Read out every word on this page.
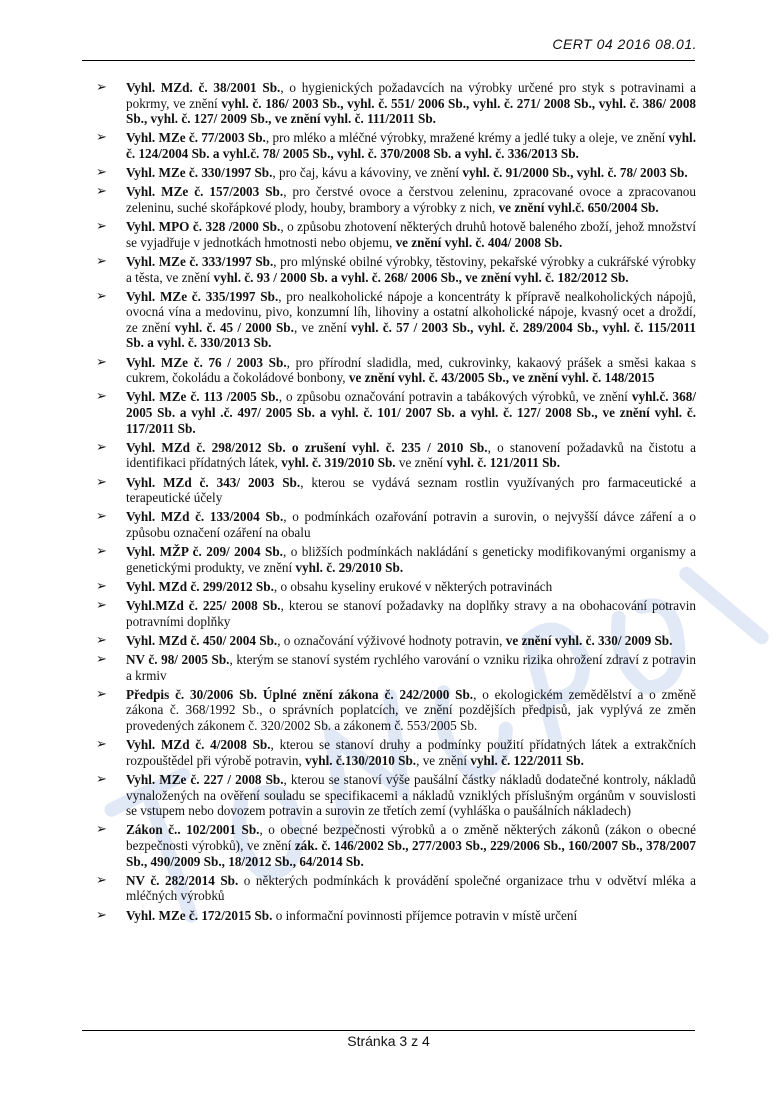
CERT 04 2016 08.01.
➢ Vyhl. MZd. č. 38/2001 Sb., o hygienických požadavcích na výrobky určené pro styk s potravinami a pokrmy, ve znění vyhl. č. 186/ 2003 Sb., vyhl. č. 551/ 2006 Sb., vyhl. č. 271/ 2008 Sb., vyhl. č. 386/ 2008 Sb., vyhl. č. 127/ 2009 Sb., ve znění vyhl. č. 111/2011 Sb.
➢ Vyhl. MZe č. 77/2003 Sb., pro mléko a mléčné výrobky, mražené krémy a jedlé tuky a oleje, ve znění vyhl. č. 124/2004 Sb. a vyhl.č. 78/ 2005 Sb., vyhl. č. 370/2008 Sb. a vyhl. č. 336/2013 Sb.
➢ Vyhl. MZe č. 330/1997 Sb., pro čaj, kávu a kávoviny, ve znění vyhl. č. 91/2000 Sb., vyhl. č. 78/ 2003 Sb.
➢ Vyhl. MZe č. 157/2003 Sb., pro čerstvé ovoce a čerstvou zeleninu, zpracované ovoce a zpracovanou zeleninu, suché skořápkové plody, houby, brambory a výrobky z nich, ve znění vyhl.č. 650/2004 Sb.
➢ Vyhl. MPO č. 328 /2000 Sb., o způsobu zhotovení některých druhů hotově baleného zboží, jehož množství se vyjadřuje v jednotkách hmotnosti nebo objemu, ve znění vyhl. č. 404/ 2008 Sb.
➢ Vyhl. MZe č. 333/1997 Sb., pro mlýnské obilné výrobky, těstoviny, pekařské výrobky a cukrářské výrobky a těsta, ve znění vyhl. č. 93 / 2000 Sb. a vyhl. č. 268/ 2006 Sb., ve znění vyhl. č. 182/2012 Sb.
➢ Vyhl. MZe č. 335/1997 Sb., pro nealkoholické nápoje a koncentráty k přípravě nealkoholických nápojů, ovocná vína a medovinu, pivo, konzumní líh, lihoviny a ostatní alkoholické nápoje, kvasný ocet a droždí, ze znění vyhl. č. 45 / 2000 Sb., ve znění vyhl. č. 57 / 2003 Sb., vyhl. č. 289/2004 Sb., vyhl. č. 115/2011 Sb. a vyhl. č. 330/2013 Sb.
➢ Vyhl. MZe č. 76 / 2003 Sb., pro přírodní sladidla, med, cukrovinky, kakaový prášek a směsi kakaa s cukrem, čokoládu a čokoládové bonbony, ve znění vyhl. č. 43/2005 Sb., ve znění vyhl. č. 148/2015
➢ Vyhl. MZe č. 113 /2005 Sb., o způsobu označování potravin a tabákových výrobků, ve znění vyhl.č. 368/ 2005 Sb. a vyhl .č. 497/ 2005 Sb. a vyhl. č. 101/ 2007 Sb. a vyhl. č. 127/ 2008 Sb., ve znění vyhl. č. 117/2011 Sb.
➢ Vyhl. MZd č. 298/2012 Sb. o zrušení vyhl. č. 235 / 2010 Sb., o stanovení požadavků na čistotu a identifikaci přídatných látek, vyhl. č. 319/2010 Sb. ve znění vyhl. č. 121/2011 Sb.
➢ Vyhl. MZd č. 343/ 2003 Sb., kterou se vydává seznam rostlin využívaných pro farmaceutické a terapeutické účely
➢ Vyhl. MZd č. 133/2004 Sb., o podmínkách ozařování potravin a surovin, o nejvyšší dávce záření a o způsobu označení ozáření na obalu
➢ Vyhl. MŽP č. 209/ 2004 Sb., o bližších podmínkách nakládání s geneticky modifikovanými organismy a genetickými produkty, ve znění vyhl. č. 29/2010 Sb.
➢ Vyhl. MZd č. 299/2012 Sb., o obsahu kyseliny erukové v některých potravinách
➢ Vyhl.MZd č. 225/ 2008 Sb., kterou se stanoví požadavky na doplňky stravy a na obohacování potravin potravními doplňky
➢ Vyhl. MZd č. 450/ 2004 Sb., o označování výživové hodnoty potravin, ve znění vyhl. č. 330/ 2009 Sb.
➢ NV č. 98/ 2005 Sb., kterým se stanoví systém rychlého varování o vzniku rizika ohrožení zdraví z potravin a krmiv
➢ Předpis č. 30/2006 Sb. Úplné znění zákona č. 242/2000 Sb., o ekologickém zemědělství a o změně zákona č. 368/1992 Sb., o správních poplatcích, ve znění pozdějších předpisů, jak vyplývá ze změn provedených zákonem č. 320/2002 Sb. a zákonem č. 553/2005 Sb.
➢ Vyhl. MZd č. 4/2008 Sb., kterou se stanoví druhy a podmínky použití přídatných látek a extrakčních rozpouštědel při výrobě potravin, vyhl. č.130/2010 Sb., ve znění vyhl. č. 122/2011 Sb.
➢ Vyhl. MZe č. 227 / 2008 Sb., kterou se stanoví výše paušální částky nákladů dodatečné kontroly, nákladů vynaložených na ověření souladu se specifikacemi a nákladů vzniklých příslušným orgánům v souvislosti se vstupem nebo dovozem potravin a surovin ze třetích zemí (vyhláška o paušálních nákladech)
➢ Zákon č.. 102/2001 Sb., o obecné bezpečnosti výrobků a o změně některých zákonů (zákon o obecné bezpečnosti výrobků), ve znění zák. č. 146/2002 Sb., 277/2003 Sb., 229/2006 Sb., 160/2007 Sb., 378/2007 Sb., 490/2009 Sb., 18/2012 Sb., 64/2014 Sb.
➢ NV č. 282/2014 Sb. o některých podmínkách k provádění společné organizace trhu v odvětví mléka a mléčných výrobků
➢ Vyhl. MZe č. 172/2015 Sb. o informační povinnosti příjemce potravin v místě určení
Stránka 3 z 4
